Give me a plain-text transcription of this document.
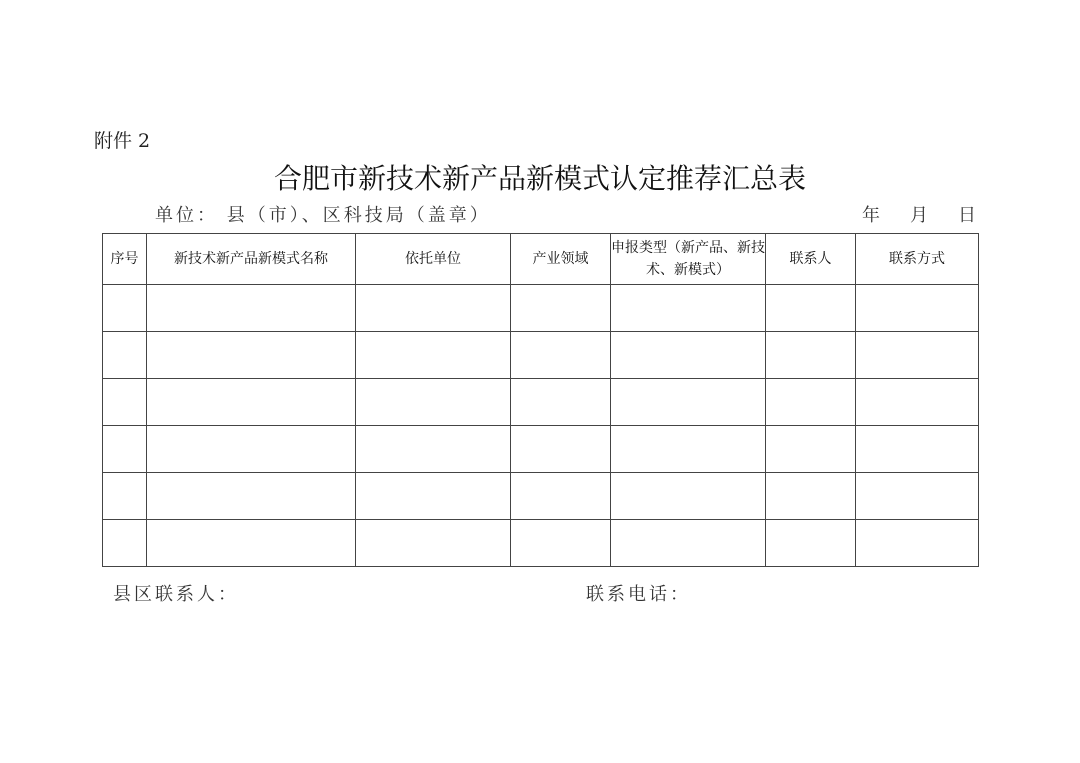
附件 2
合肥市新技术新产品新模式认定推荐汇总表
单位： 县（市）、区科技局（盖章）	年 月 日
序号	新技术新产品新模式名称	依托单位	产业领域	申报类型（新产品、新技术、新模式）	联系人	联系方式

县区联系人：	联系电话：
